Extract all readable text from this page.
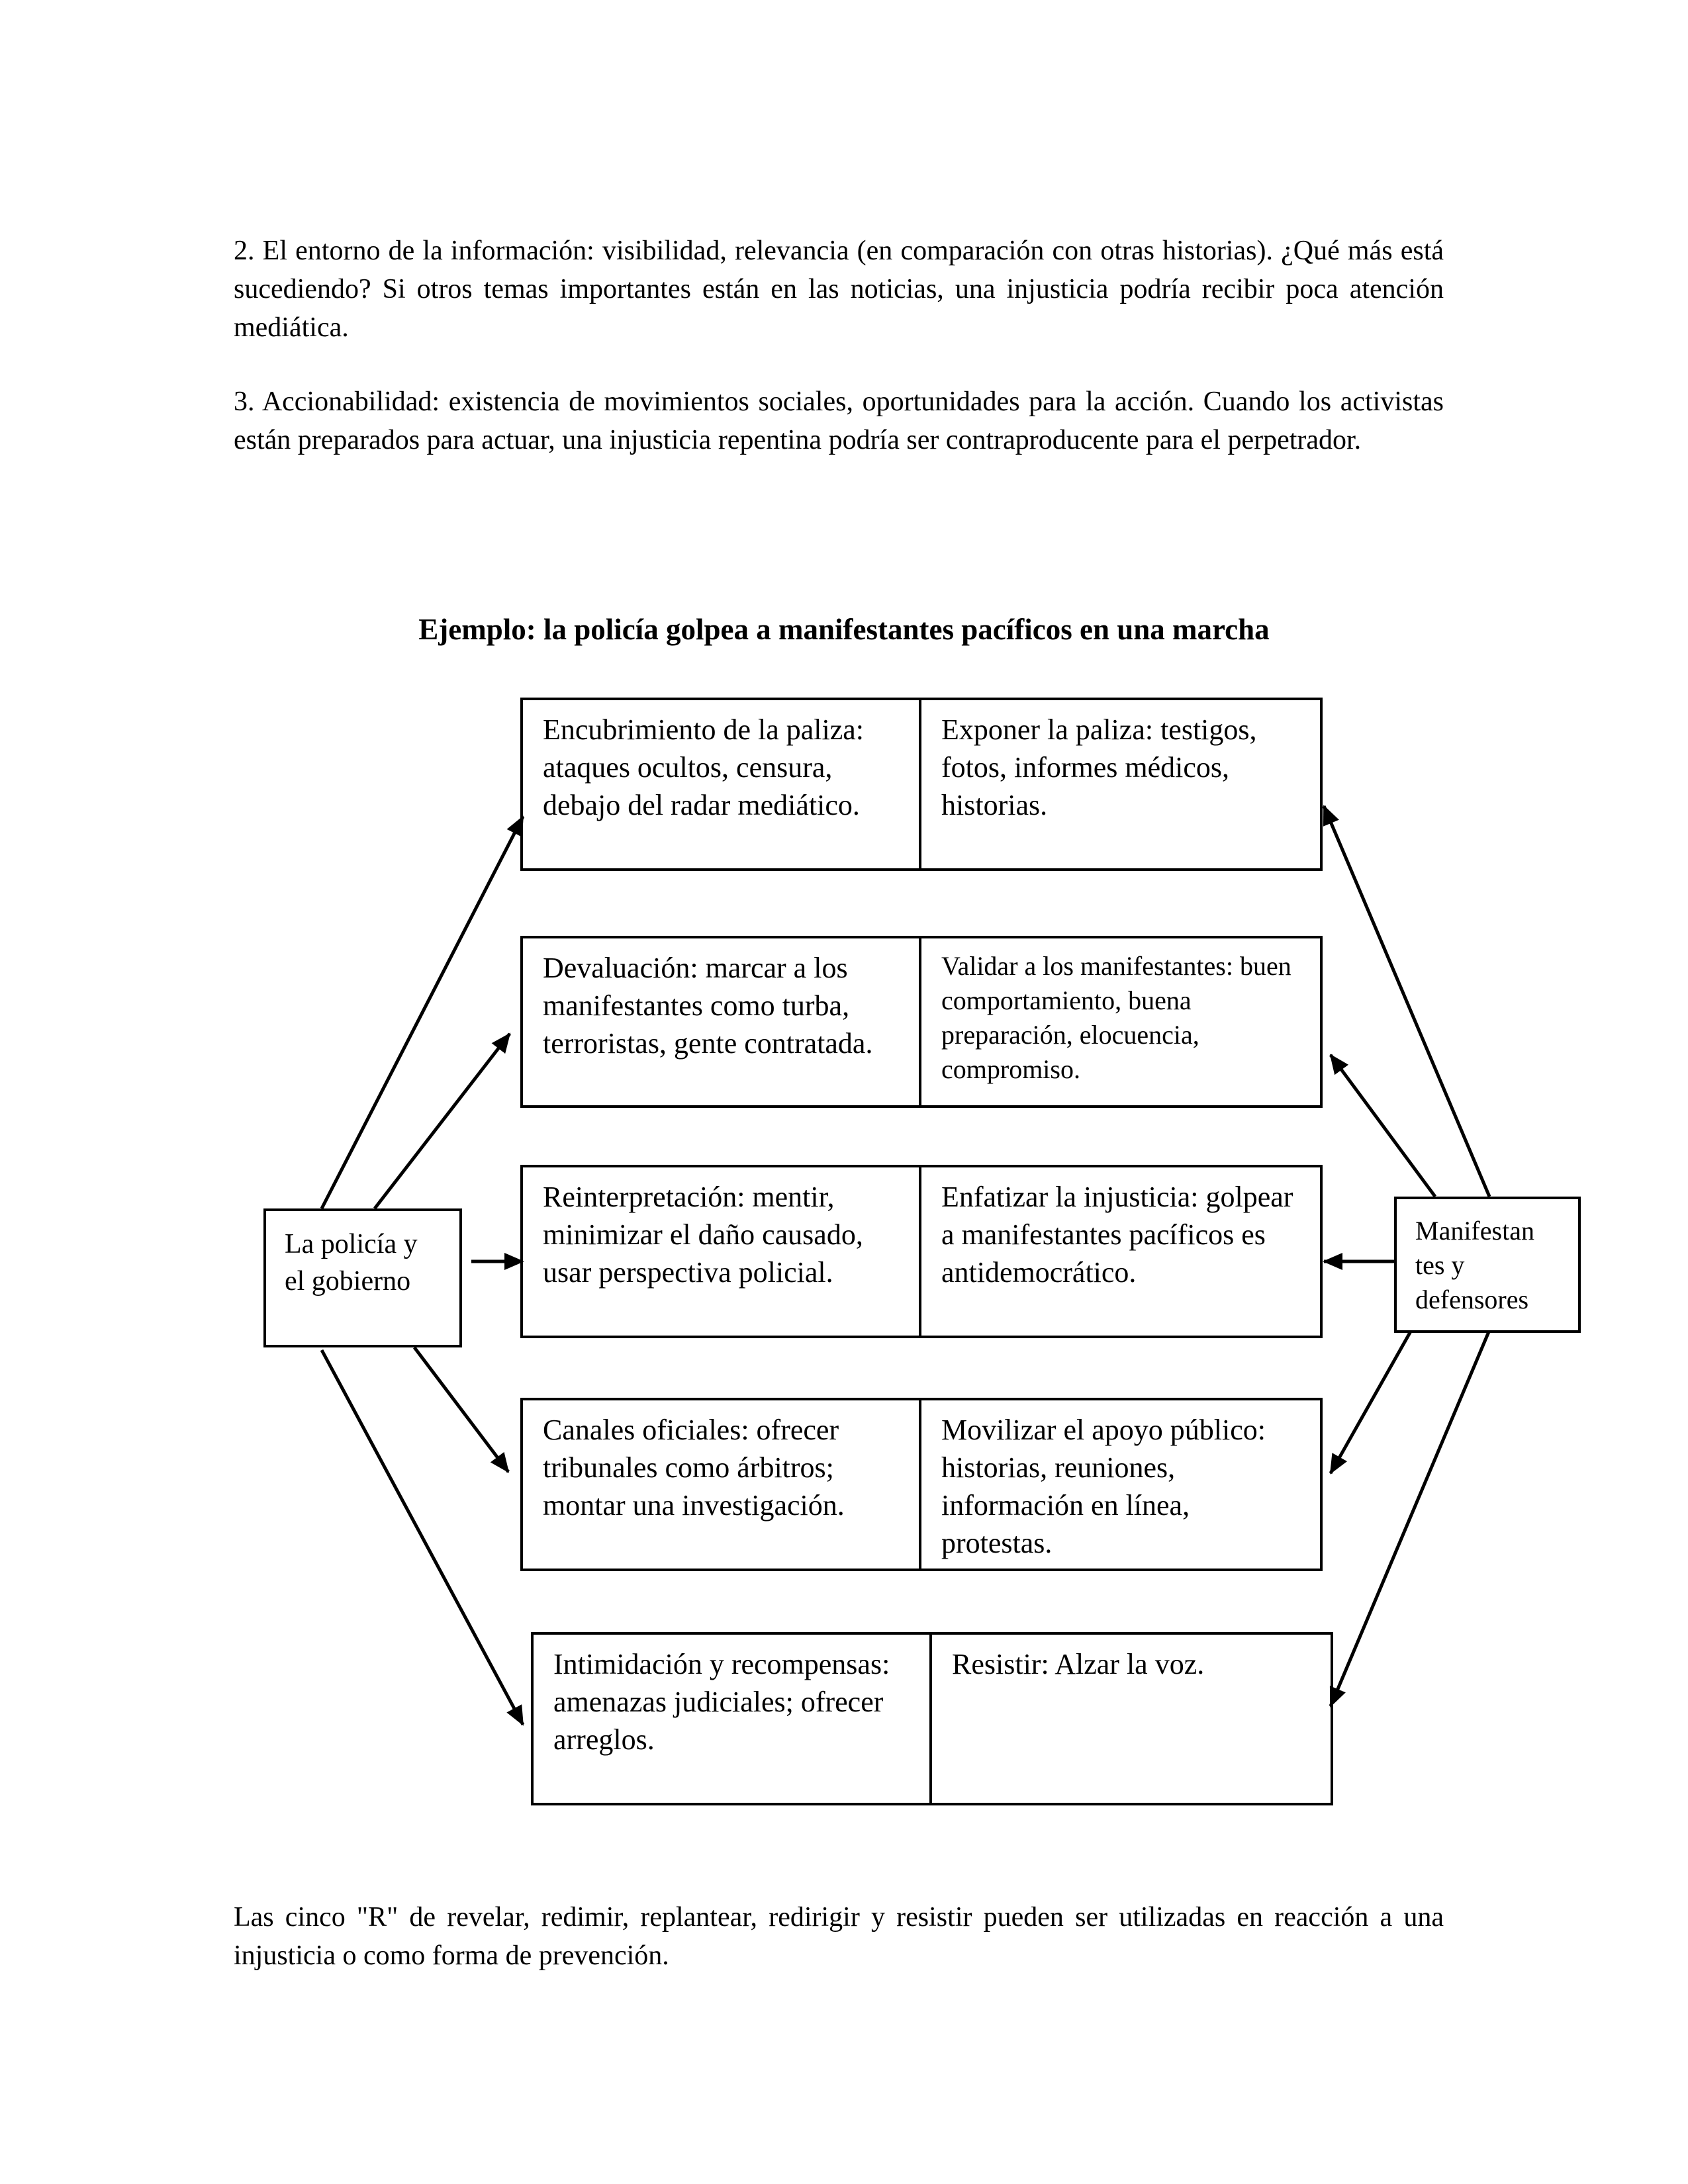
2. El entorno de la información: visibilidad, relevancia (en comparación con otras historias). ¿Qué más está sucediendo? Si otros temas importantes están en las noticias, una injusticia podría recibir poca atención mediática.

3. Accionabilidad: existencia de movimientos sociales, oportunidades para la acción. Cuando los activistas están preparados para actuar, una injusticia repentina podría ser contraproducente para el perpetrador.

Ejemplo: la policía golpea a manifestantes pacíficos en una marcha
La policía y el gobierno
Manifestan tes y defensores
Encubrimiento de la paliza: ataques ocultos, censura, debajo del radar mediático.
Exponer la paliza: testigos, fotos, informes médicos, historias.
Devaluación: marcar a los manifestantes como turba, terroristas, gente contratada.
Validar a los manifestantes: buen comportamiento, buena preparación, elocuencia, compromiso.
Reinterpretación: mentir, minimizar el daño causado, usar perspectiva policial.
Enfatizar la injusticia: golpear a manifestantes pacíficos es antidemocrático.
Canales oficiales: ofrecer tribunales como árbitros; montar una investigación.
Movilizar el apoyo público: historias, reuniones, información en línea, protestas.
Intimidación y recompensas: amenazas judiciales; ofrecer arreglos.
Resistir: Alzar la voz.

Las cinco "R" de revelar, redimir, replantear, redirigir y resistir pueden ser utilizadas en reacción a una injusticia o como forma de prevención.
